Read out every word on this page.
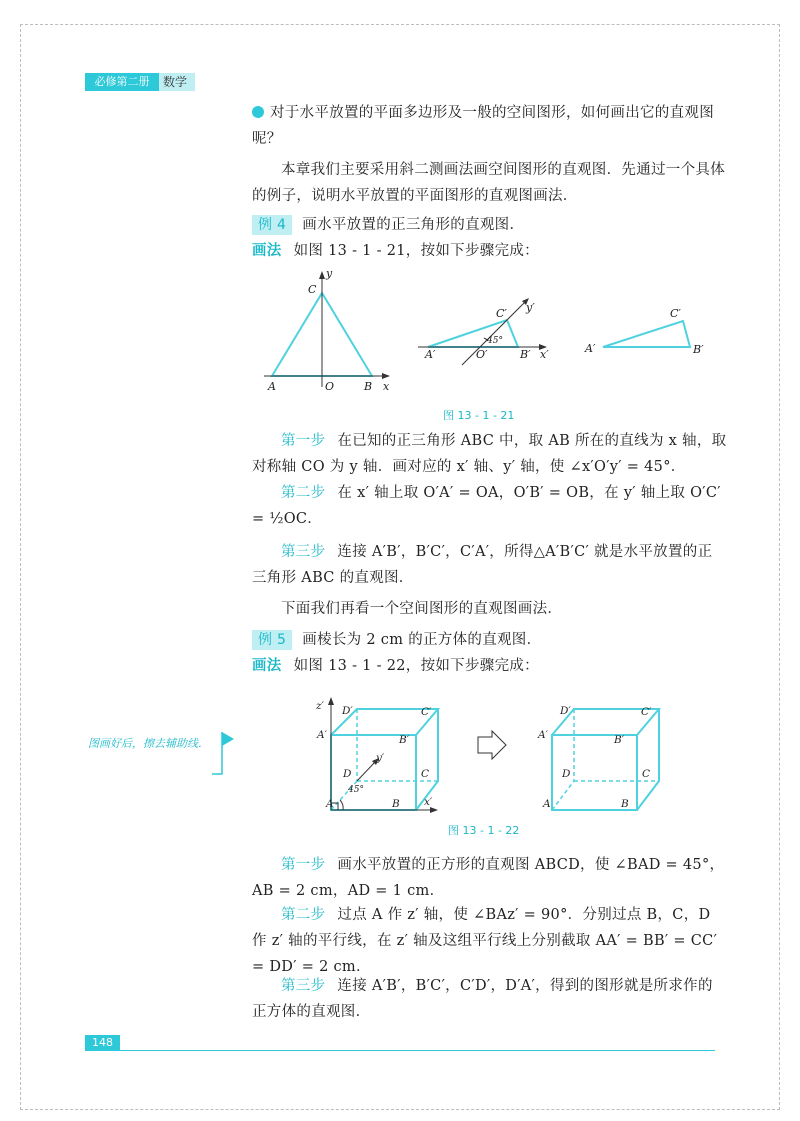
必修第二册	数学
对于水平放置的平面多边形及一般的空间图形，如何画出它的直观图呢？
本章我们主要采用斜二测画法画空间图形的直观图．先通过一个具体的例子，说明水平放置的平面图形的直观图画法．
例 4 画水平放置的正三角形的直观图．
画法 如图 13 - 1 - 21，按如下步骤完成：
y
C
A	O	B x
y′
C′
45°
A′	O′	B′ x′	A′
C′
B′
图 13 - 1 - 21
第一步 在已知的正三角形 ABC 中，取 AB 所在的直线为 x 轴，取对称轴 CO 为 y 轴．画对应的 x′ 轴、y′ 轴，使 ∠x′O′y′ = 45°．
第二步 在 x′ 轴上取 O′A′ = OA，O′B′ = OB，在 y′ 轴上取 O′C′ = ½OC．
第三步 连接 A′B′，B′C′，C′A′，所得△A′B′C′ 就是水平放置的正三角形 ABC 的直观图．
下面我们再看一个空间图形的直观图画法．
例 5 画棱长为 2 cm 的正方体的直观图．
画法 如图 13 - 1 - 22，按如下步骤完成：
图画好后，擦去辅助线．
z′ D′	C′
A′	B′
y′
D	C
45°
A	B x′
D′	C′
A′	B′
D	C
A	B
图 13 - 1 - 22
第一步 画水平放置的正方形的直观图 ABCD，使 ∠BAD = 45°，AB = 2 cm，AD = 1 cm．
第二步 过点 A 作 z′ 轴，使 ∠BAz′ = 90°．分别过点 B，C，D 作 z′ 轴的平行线，在 z′ 轴及这组平行线上分别截取 AA′ = BB′ = CC′ = DD′ = 2 cm．
第三步 连接 A′B′，B′C′，C′D′，D′A′，得到的图形就是所求作的正方体的直观图．
148
